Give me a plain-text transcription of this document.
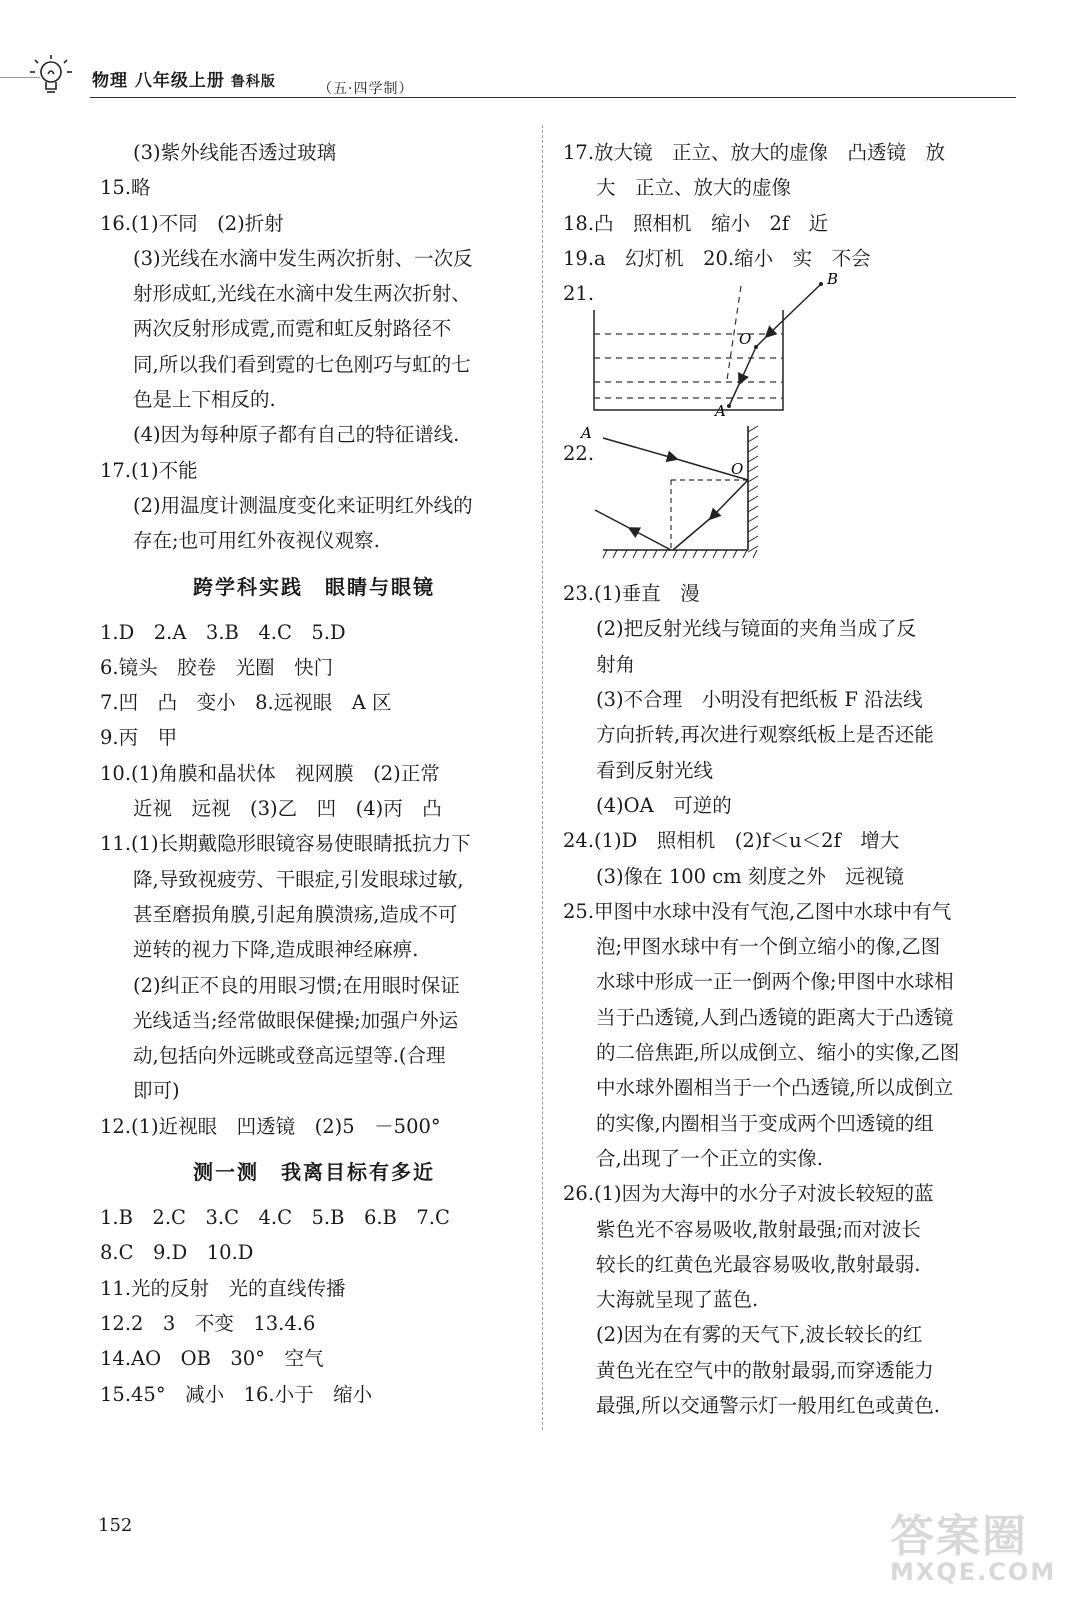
物理 八年级上册 鲁科版	（五·四学制）
(3)紫外线能否透过玻璃
15.略
16.(1)不同　(2)折射
(3)光线在水滴中发生两次折射、一次反
射形成虹,光线在水滴中发生两次折射、
两次反射形成霓,而霓和虹反射路径不
同,所以我们看到霓的七色刚巧与虹的七
色是上下相反的.
(4)因为每种原子都有自己的特征谱线.
17.(1)不能
(2)用温度计测温度变化来证明红外线的
存在;也可用红外夜视仪观察.
跨学科实践　眼睛与眼镜
1.D　2.A　3.B　4.C　5.D
6.镜头　胶卷　光圈　快门
7.凹　凸　变小　8.远视眼　A 区
9.丙　甲
10.(1)角膜和晶状体　视网膜　(2)正常
近视　远视　(3)乙　凹　(4)丙　凸
11.(1)长期戴隐形眼镜容易使眼睛抵抗力下
降,导致视疲劳、干眼症,引发眼球过敏,
甚至磨损角膜,引起角膜溃疡,造成不可
逆转的视力下降,造成眼神经麻痹.
(2)纠正不良的用眼习惯;在用眼时保证
光线适当;经常做眼保健操;加强户外运
动,包括向外远眺或登高远望等.(合理
即可)
12.(1)近视眼　凹透镜　(2)5　－500°
测一测　我离目标有多近
1.B　2.C　3.C　4.C　5.B　6.B　7.C
8.C　9.D　10.D
11.光的反射　光的直线传播
12.2　3　不变　13.4.6
14.AO　OB　30°　空气
15.45°　减小　16.小于　缩小
17.放大镜　正立、放大的虚像　凸透镜　放
大　正立、放大的虚像
18.凸　照相机　缩小　2f　近
19.a　幻灯机　20.缩小　实　不会
21.
B
O
A
22.
A
O
23.(1)垂直　漫
(2)把反射光线与镜面的夹角当成了反
射角
(3)不合理　小明没有把纸板 F 沿法线
方向折转,再次进行观察纸板上是否还能
看到反射光线
(4)OA　可逆的
24.(1)D　照相机　(2)f＜u＜2f　增大
(3)像在 100 cm 刻度之外　远视镜
25.甲图中水球中没有气泡,乙图中水球中有气
泡;甲图水球中有一个倒立缩小的像,乙图
水球中形成一正一倒两个像;甲图中水球相
当于凸透镜,人到凸透镜的距离大于凸透镜
的二倍焦距,所以成倒立、缩小的实像,乙图
中水球外圈相当于一个凸透镜,所以成倒立
的实像,内圈相当于变成两个凹透镜的组
合,出现了一个正立的实像.
26.(1)因为大海中的水分子对波长较短的蓝
紫色光不容易吸收,散射最强;而对波长
较长的红黄色光最容易吸收,散射最弱.
大海就呈现了蓝色.
(2)因为在有雾的天气下,波长较长的红
黄色光在空气中的散射最弱,而穿透能力
最强,所以交通警示灯一般用红色或黄色.
152	答案圈
MXQE.COM
